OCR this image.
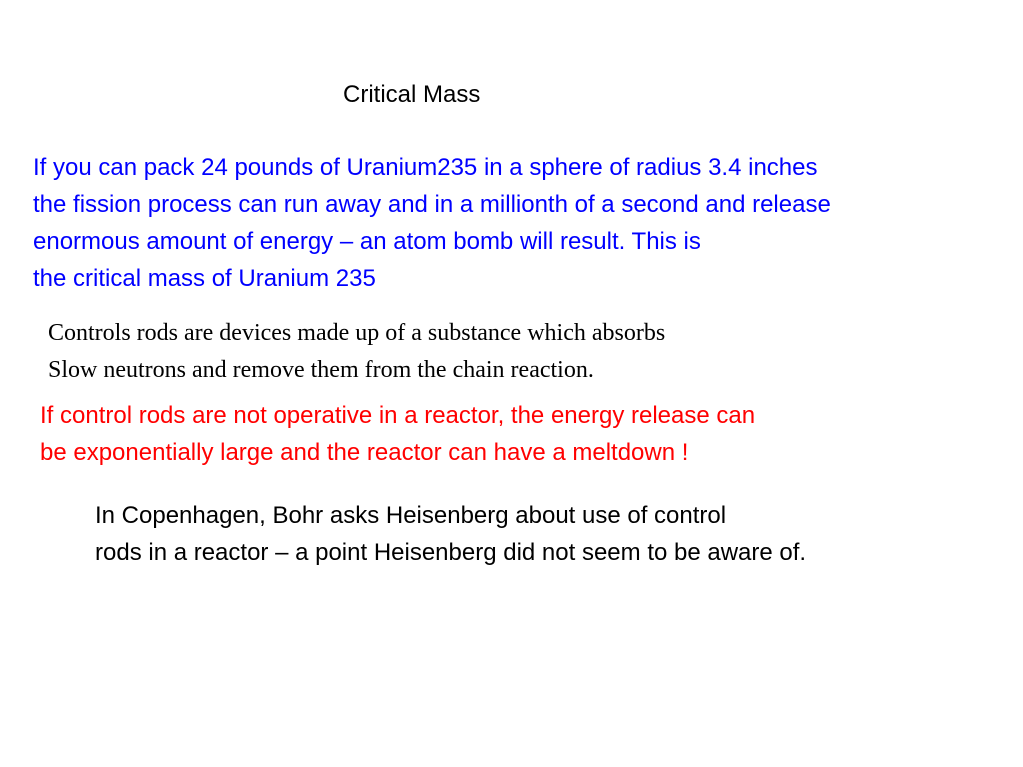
Critical Mass
If you can pack 24 pounds of Uranium235 in a sphere of radius 3.4 inches
the fission process can run away and in a millionth of a second and release
enormous amount of energy – an atom bomb will result. This is
the critical mass of Uranium 235
Controls rods are devices made up of a substance which absorbs
Slow neutrons and remove them from the chain reaction.
If control rods are not operative in a reactor, the energy release can
be exponentially large and the reactor can have a meltdown !
In Copenhagen, Bohr asks Heisenberg about use of control
rods in a reactor – a point Heisenberg did not seem to be aware of.
